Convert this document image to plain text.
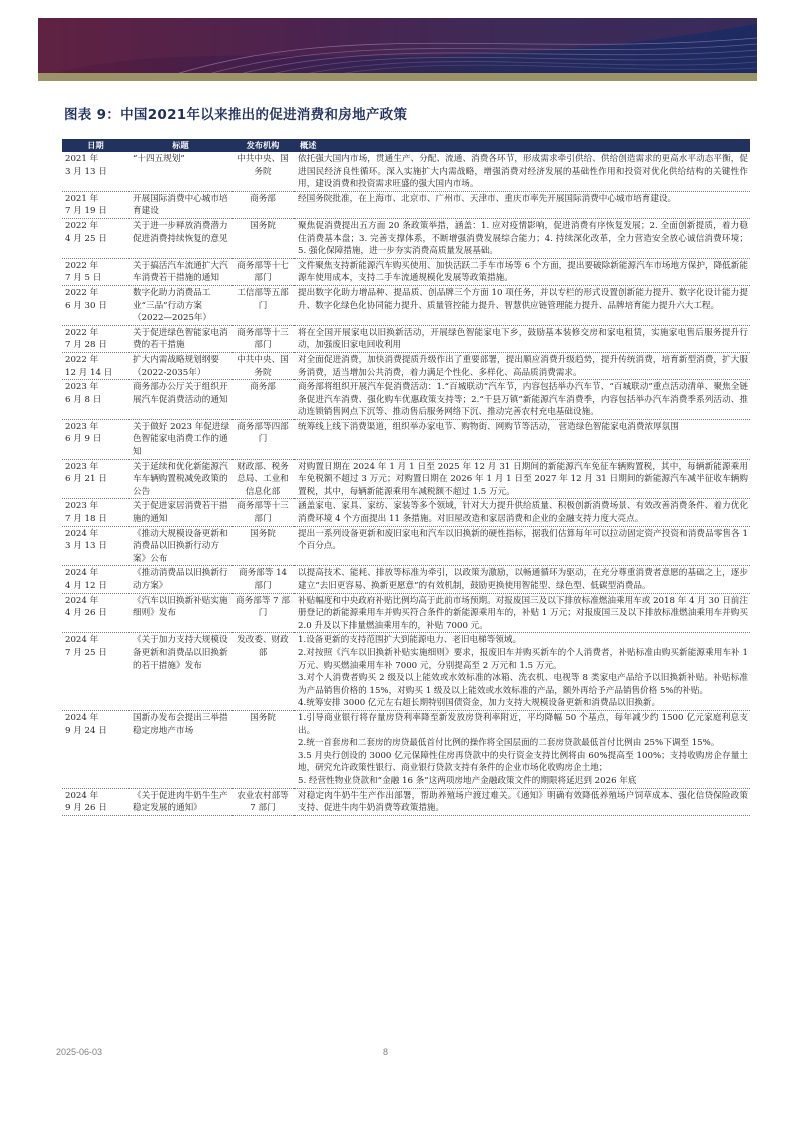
图表 9：中国2021年以来推出的促进消费和房地产政策
日期	标题	发布机构	概述

2021 年
3 月 13 日	“十四五规划”	中共中央、国务院	依托强大国内市场，贯通生产、分配、流通、消费各环节，形成需求牵引供给、供给创造需求的更高水平动态平衡，促进国民经济良性循环。深入实施扩大内需战略，增强消费对经济发展的基础性作用和投资对优化供给结构的关键性作用，建设消费和投资需求旺盛的强大国内市场。

2021 年
7 月 19 日	开展国际消费中心城市培育建设	商务部	经国务院批准，在上海市、北京市、广州市、天津市、重庆市率先开展国际消费中心城市培育建设。

2022 年
4 月 25 日	关于进一步释放消费潜力促进消费持续恢复的意见	国务院	聚焦促消费提出五方面 20 条政策举措，涵盖：1. 应对疫情影响，促进消费有序恢复发展；2. 全面创新提质，着力稳住消费基本盘；3. 完善支撑体系，不断增强消费发展综合能力；4. 持续深化改革，全力营造安全放心诚信消费环境；5. 强化保障措施，进一步夯实消费高质量发展基础。

2022 年
7 月 5 日	关于搞活汽车流通扩大汽车消费若干措施的通知	商务部等十七部门	文件聚焦支持新能源汽车购买使用、加快活跃二手车市场等 6 个方面，提出要破除新能源汽车市场地方保护，降低新能源车使用成本，支持二手车流通规模化发展等政策措施。

2022 年
6 月 30 日	数字化助力消费品工业“三品”行动方案（2022—2025年）	工信部等五部门	提出数字化助力增品种、提品质、创品牌三个方面 10 项任务，并以专栏的形式设置创新能力提升、数字化设计能力提升、数字化绿色化协同能力提升、质量管控能力提升、智慧供应链管理能力提升、品牌培育能力提升六大工程。

2022 年
7 月 28 日	关于促进绿色智能家电消费的若干措施	商务部等十三部门	将在全国开展家电以旧换新活动，开展绿色智能家电下乡，鼓励基本装修交房和家电租赁，实施家电售后服务提升行动，加强废旧家电回收利用

2022 年
12 月 14 日	扩大内需战略规划纲要（2022-2035年）	中共中央、国务院	对全面促进消费，加快消费提质升级作出了重要部署，提出顺应消费升级趋势，提升传统消费，培育新型消费，扩大服务消费，适当增加公共消费，着力满足个性化、多样化、高品质消费需求。

2023 年
6 月 8 日	商务部办公厅关于组织开展汽车促消费活动的通知	商务部	商务部将组织开展汽车促消费活动：1.“百城联动”汽车节，内容包括举办汽车节、“百城联动”重点活动清单、聚焦全链条促进汽车消费、强化购车优惠政策支持等；2.“千县万镇”新能源汽车消费季，内容包括举办汽车消费季系列活动、推动连锁销售网点下沉等、推动售后服务网络下沉、推动完善农村充电基础设施。

2023 年
6 月 9 日	关于做好 2023 年促进绿色智能家电消费工作的通知	商务部等四部门	统筹线上线下消费渠道，组织举办家电节、购物街、网购节等活动， 营造绿色智能家电消费浓厚氛围

2023 年
6 月 21 日	关于延续和优化新能源汽车车辆购置税减免政策的公告	财政部、税务总局、工业和信息化部	对购置日期在 2024 年 1 月 1 日至 2025 年 12 月 31 日期间的新能源汽车免征车辆购置税，其中，每辆新能源乘用车免税额不超过 3 万元；对购置日期在 2026 年 1 月 1 日至 2027 年 12 月 31 日期间的新能源汽车减半征收车辆购置税，其中，每辆新能源乘用车减税额不超过 1.5 万元。

2023 年
7 月 18 日	关于促进家居消费若干措施的通知	商务部等十三部门	涵盖家电、家具、家纺、家装等多个领域，针对大力提升供给质量、积极创新消费场景、有效改善消费条件、着力优化消费环境 4 个方面提出 11 条措施。对旧屋改造和家居消费和企业的金融支持力度大亮点。

2024 年
3 月 13 日	《推动大规模设备更新和消费品以旧换新行动方案》公布	国务院	提出一系列设备更新和废旧家电和汽车以旧换新的硬性指标，据我们估算每年可以拉动固定资产投资和消费品零售各 1 个百分点。

2024 年
4 月 12 日	《推动消费品以旧换新行动方案》	商务部等 14 部门	以提高技术、能耗、排放等标准为牵引，以政策为激励，以畅通循环为驱动，在充分尊重消费者意愿的基础之上，逐步建立“去旧更容易、换新更愿意”的有效机制，鼓励更换使用智能型、绿色型、低碳型消费品。

2024 年
4 月 26 日	《汽车以旧换新补贴实施细则》发布	商务部等 7 部门	补贴幅度和中央政府补贴比例均高于此前市场预期。对报废国三及以下排放标准燃油乘用车或 2018 年 4 月 30 日前注册登记的新能源乘用车并购买符合条件的新能源乘用车的，补贴 1 万元；对报废国三及以下排放标准燃油乘用车并购买 2.0 升及以下排量燃油乘用车的，补贴 7000 元。

2024 年
7 月 25 日	《关于加力支持大规模设备更新和消费品以旧换新的若干措施》发布	发改委、财政部	1.设备更新的支持范围扩大到能源电力、老旧电梯等领域。
2.对按照《汽车以旧换新补贴实施细则》要求，报废旧车并购买新车的个人消费者，补贴标准由购买新能源乘用车补 1 万元、购买燃油乘用车补 7000 元，分别提高至 2 万元和 1.5 万元。
3.对个人消费者购买 2 级及以上能效或水效标准的冰箱、洗衣机、电视等 8 类家电产品给予以旧换新补贴。补贴标准为产品销售价格的 15%，对购买 1 级及以上能效或水效标准的产品，额外再给予产品销售价格 5%的补贴。
4.统筹安排 3000 亿元左右超长期特别国债资金，加力支持大规模设备更新和消费品以旧换新。

2024 年
9 月 24 日	国新办发布会提出三举措稳定房地产市场	国务院	1.引导商业银行将存量房贷利率降至新发放房贷利率附近，平均降幅 50 个基点，每年减少约 1500 亿元家庭利息支出。
2.统一首套房和二套房的房贷最低首付比例的操作将全国层面的二套房贷款最低首付比例由 25%下调至 15%。
3.5 月央行创设的 3000 亿元保障性住房再贷款中的央行资金支持比例将由 60%提高至 100%；支持收购房企存量土地，研究允许政策性银行、商业银行贷款支持有条件的企业市场化收购房企土地；
5. 经营性物业贷款和“金融 16 条”这两项房地产金融政策文件的期限将延迟到 2026 年底

2024 年
9 月 26 日	《关于促进肉牛奶牛生产稳定发展的通知》	农业农村部等 7 部门	对稳定肉牛奶牛生产作出部署，帮助养殖场户渡过难关。《通知》明确有效降低养殖场户饲草成本、强化信贷保险政策支持、促进牛肉牛奶消费等政策措施。
2025-06-03	8
